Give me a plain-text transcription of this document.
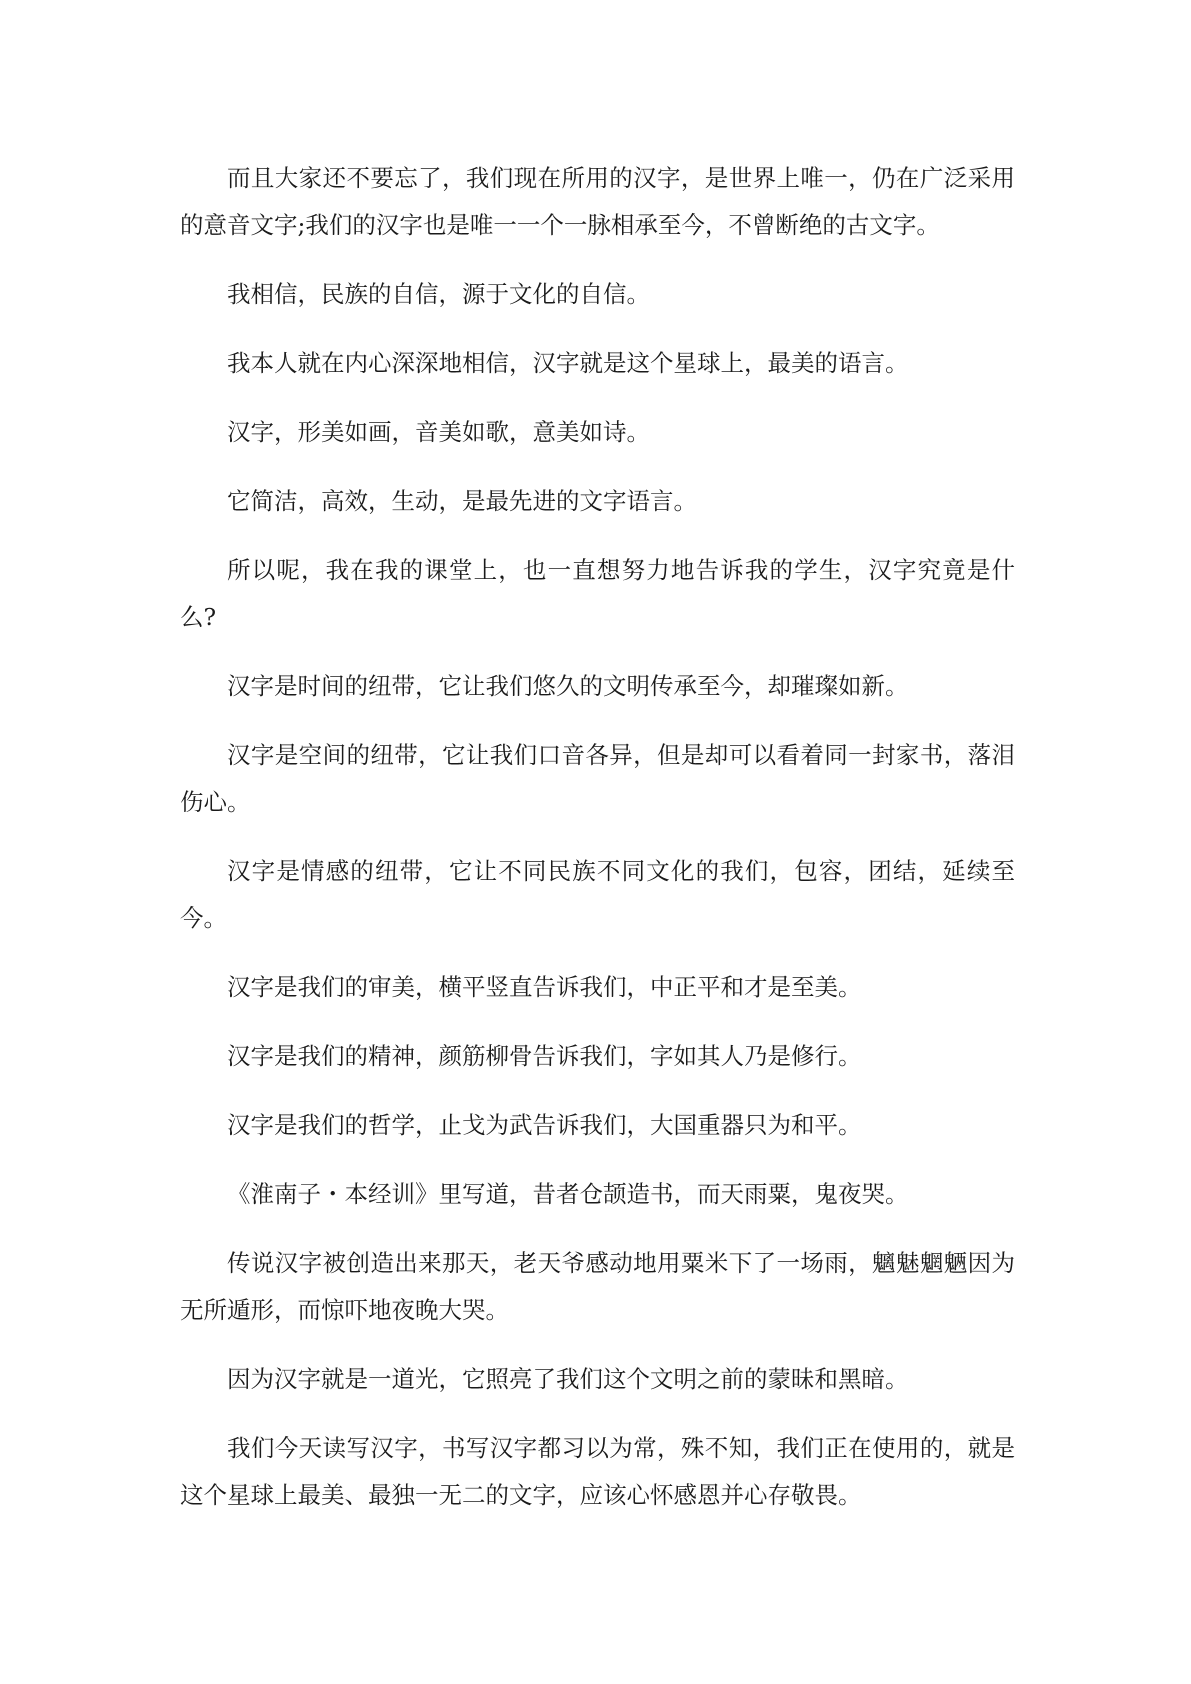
而且大家还不要忘了，我们现在所用的汉字，是世界上唯一，仍在广泛采用的意音文字;我们的汉字也是唯一一个一脉相承至今，不曾断绝的古文字。

我相信，民族的自信，源于文化的自信。

我本人就在内心深深地相信，汉字就是这个星球上，最美的语言。

汉字，形美如画，音美如歌，意美如诗。

它简洁，高效，生动，是最先进的文字语言。

所以呢，我在我的课堂上，也一直想努力地告诉我的学生，汉字究竟是什么?

汉字是时间的纽带，它让我们悠久的文明传承至今，却璀璨如新。

汉字是空间的纽带，它让我们口音各异，但是却可以看着同一封家书，落泪伤心。

汉字是情感的纽带，它让不同民族不同文化的我们，包容，团结，延续至今。

汉字是我们的审美，横平竖直告诉我们，中正平和才是至美。

汉字是我们的精神，颜筋柳骨告诉我们，字如其人乃是修行。

汉字是我们的哲学，止戈为武告诉我们，大国重器只为和平。

《淮南子・本经训》里写道，昔者仓颉造书，而天雨粟，鬼夜哭。

传说汉字被创造出来那天，老天爷感动地用粟米下了一场雨，魑魅魍魉因为无所遁形，而惊吓地夜晚大哭。

因为汉字就是一道光，它照亮了我们这个文明之前的蒙昧和黑暗。

我们今天读写汉字，书写汉字都习以为常，殊不知，我们正在使用的，就是这个星球上最美、最独一无二的文字，应该心怀感恩并心存敬畏。
